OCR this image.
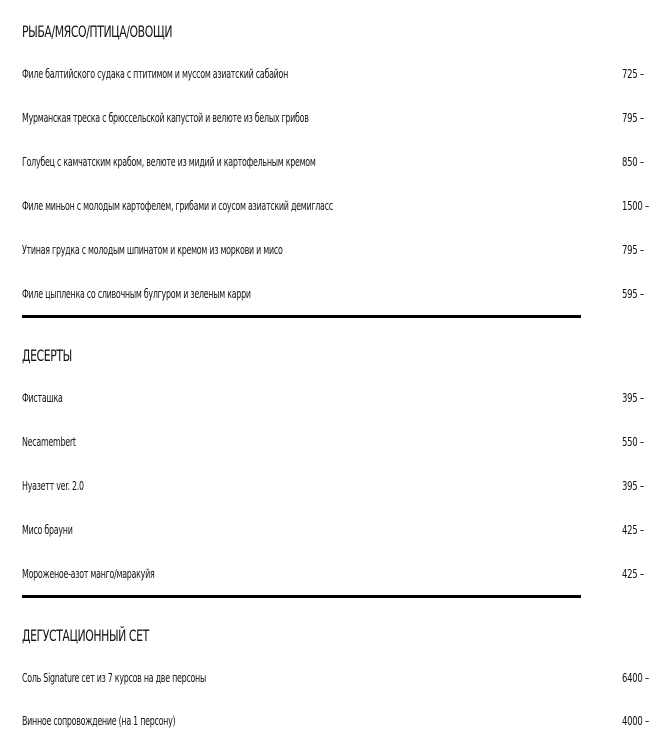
РЫБА/МЯСО/ПТИЦА/ОВОЩИ
Филе балтийского судака с птитимом и муссом азиатский сабайон	725 –
Мурманская треска с брюссельской капустой и велюте из белых грибов	795 –
Голубец с камчатским крабом, велюте из мидий и картофельным кремом	850 –
Филе миньон с молодым картофелем, грибами и соусом азиатский демигласс	1500 –
Утиная грудка с молодым шпинатом и кремом из моркови и мисо	795 –
Филе цыпленка со сливочным булгуром и зеленым карри	595 –
ДЕСЕРТЫ
Фисташка	395 –
Necamembert	550 –
Нуазетт ver. 2.0	395 –
Мисо брауни	425 –
Мороженое-азот манго/маракуйя	425 –
ДЕГУСТАЦИОННЫЙ СЕТ
Соль Signature сет из 7 курсов на две персоны	6400 –
Винное сопровождение (на 1 персону)	4000 –
